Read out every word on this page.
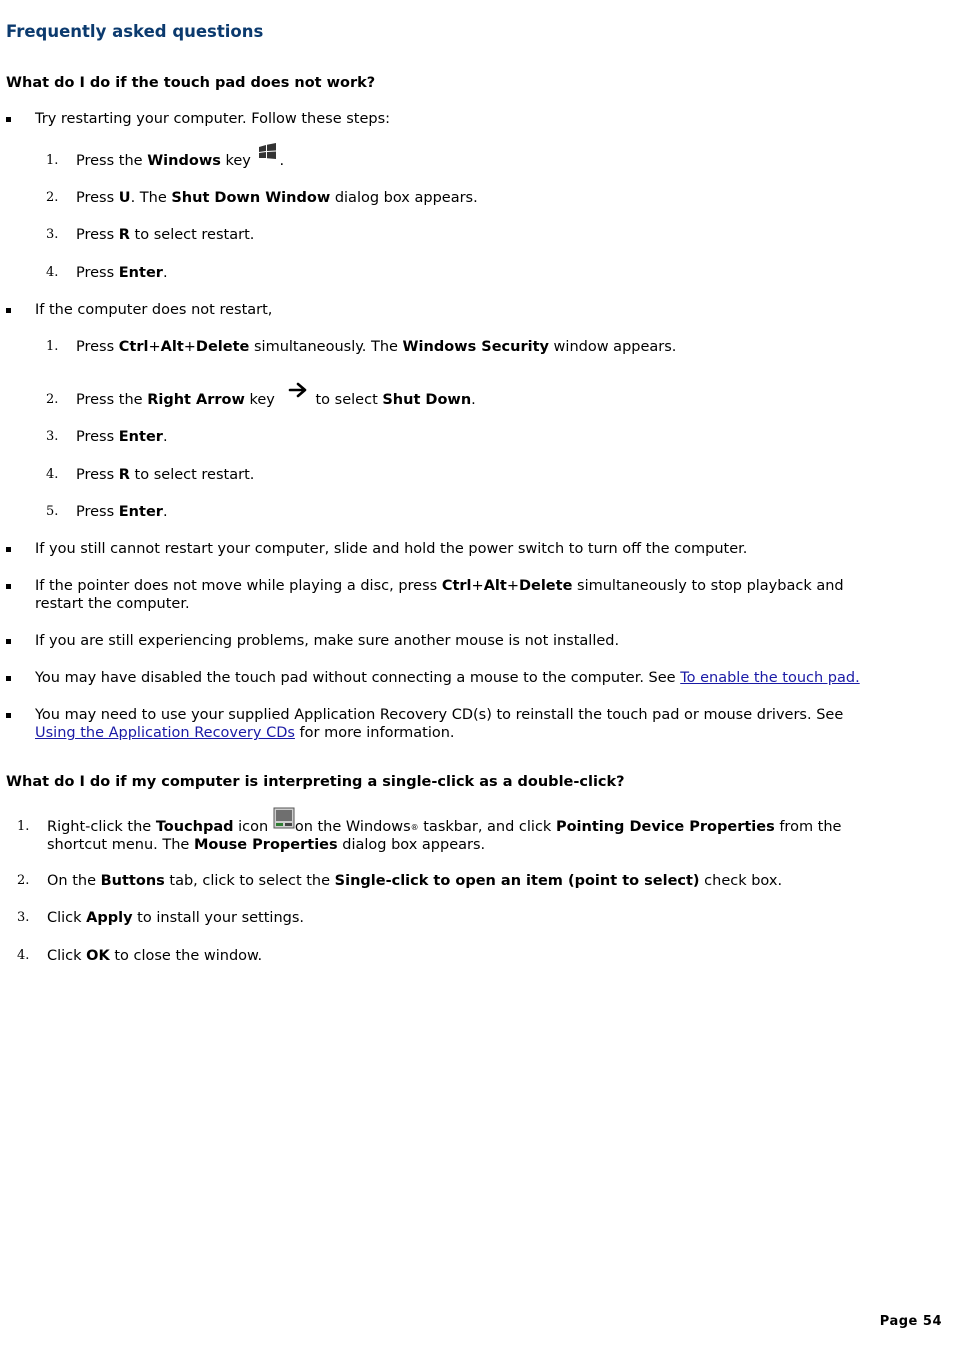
Frequently asked questions
What do I do if the touch pad does not work?
Try restarting your computer. Follow these steps:
1. Press the Windows key .
2. Press U. The Shut Down Window dialog box appears.
3. Press R to select restart.
4. Press Enter.
If the computer does not restart,
1. Press Ctrl+Alt+Delete simultaneously. The Windows Security window appears.
2. Press the Right Arrow key	to select Shut Down.
3. Press Enter.
4. Press R to select restart.
5. Press Enter.
If you still cannot restart your computer, slide and hold the power switch to turn off the computer.
If the pointer does not move while playing a disc, press Ctrl+Alt+Delete simultaneously to stop playback and
restart the computer.
If you are still experiencing problems, make sure another mouse is not installed.
You may have disabled the touch pad without connecting a mouse to the computer. See To enable the touch pad.
You may need to use your supplied Application Recovery CD(s) to reinstall the touch pad or mouse drivers. See
Using the Application Recovery CDs for more information.
What do I do if my computer is interpreting a single-click as a double-click?
1. Right-click the Touchpad icon on the Windows® taskbar, and click Pointing Device Properties from the
shortcut menu. The Mouse Properties dialog box appears.
2. On the Buttons tab, click to select the Single-click to open an item (point to select) check box.
3. Click Apply to install your settings.
4. Click OK to close the window.
Page 54
